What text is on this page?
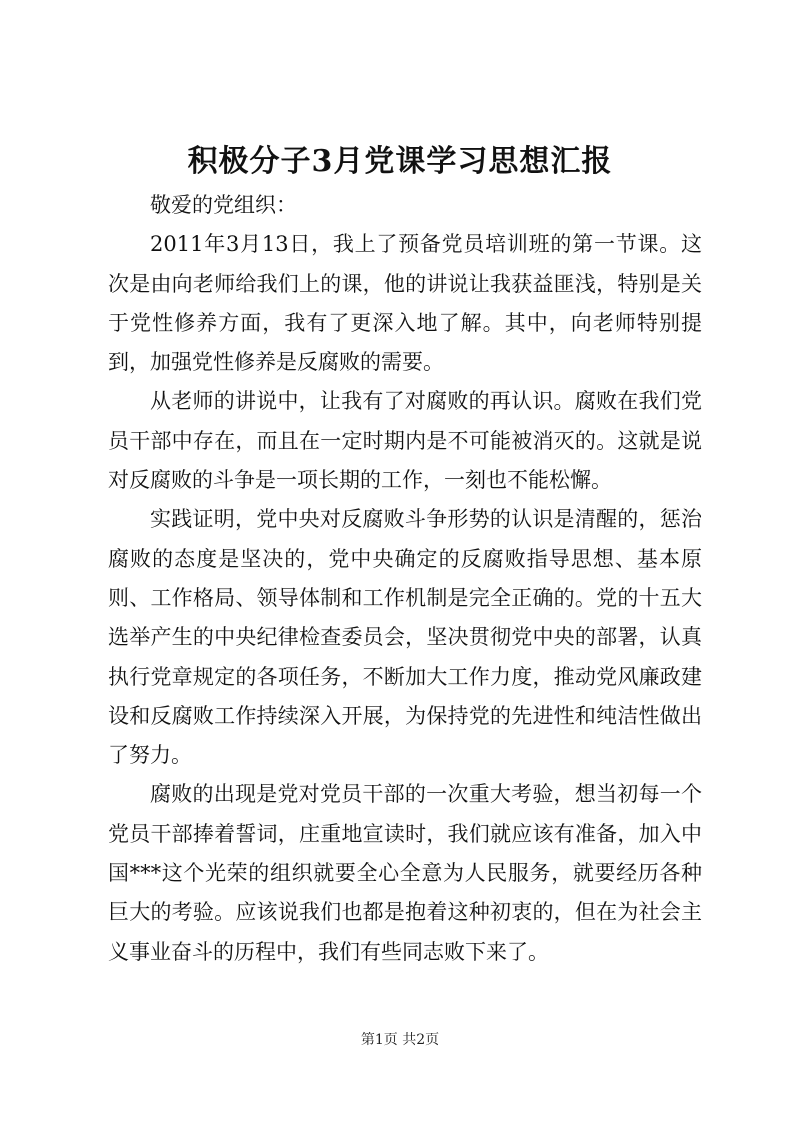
积极分子3月党课学习思想汇报

敬爱的党组织：

2011年3月13日，我上了预备党员培训班的第一节课。这次是由向老师给我们上的课，他的讲说让我获益匪浅，特别是关于党性修养方面，我有了更深入地了解。其中，向老师特别提到，加强党性修养是反腐败的需要。

从老师的讲说中，让我有了对腐败的再认识。腐败在我们党员干部中存在，而且在一定时期内是不可能被消灭的。这就是说对反腐败的斗争是一项长期的工作，一刻也不能松懈。

实践证明，党中央对反腐败斗争形势的认识是清醒的，惩治腐败的态度是坚决的，党中央确定的反腐败指导思想、基本原则、工作格局、领导体制和工作机制是完全正确的。党的十五大选举产生的中央纪律检查委员会，坚决贯彻党中央的部署，认真执行党章规定的各项任务，不断加大工作力度，推动党风廉政建设和反腐败工作持续深入开展，为保持党的先进性和纯洁性做出了努力。

腐败的出现是党对党员干部的一次重大考验，想当初每一个党员干部捧着誓词，庄重地宣读时，我们就应该有准备，加入中国***这个光荣的组织就要全心全意为人民服务，就要经历各种巨大的考验。应该说我们也都是抱着这种初衷的，但在为社会主义事业奋斗的历程中，我们有些同志败下来了。

第1页 共2页
